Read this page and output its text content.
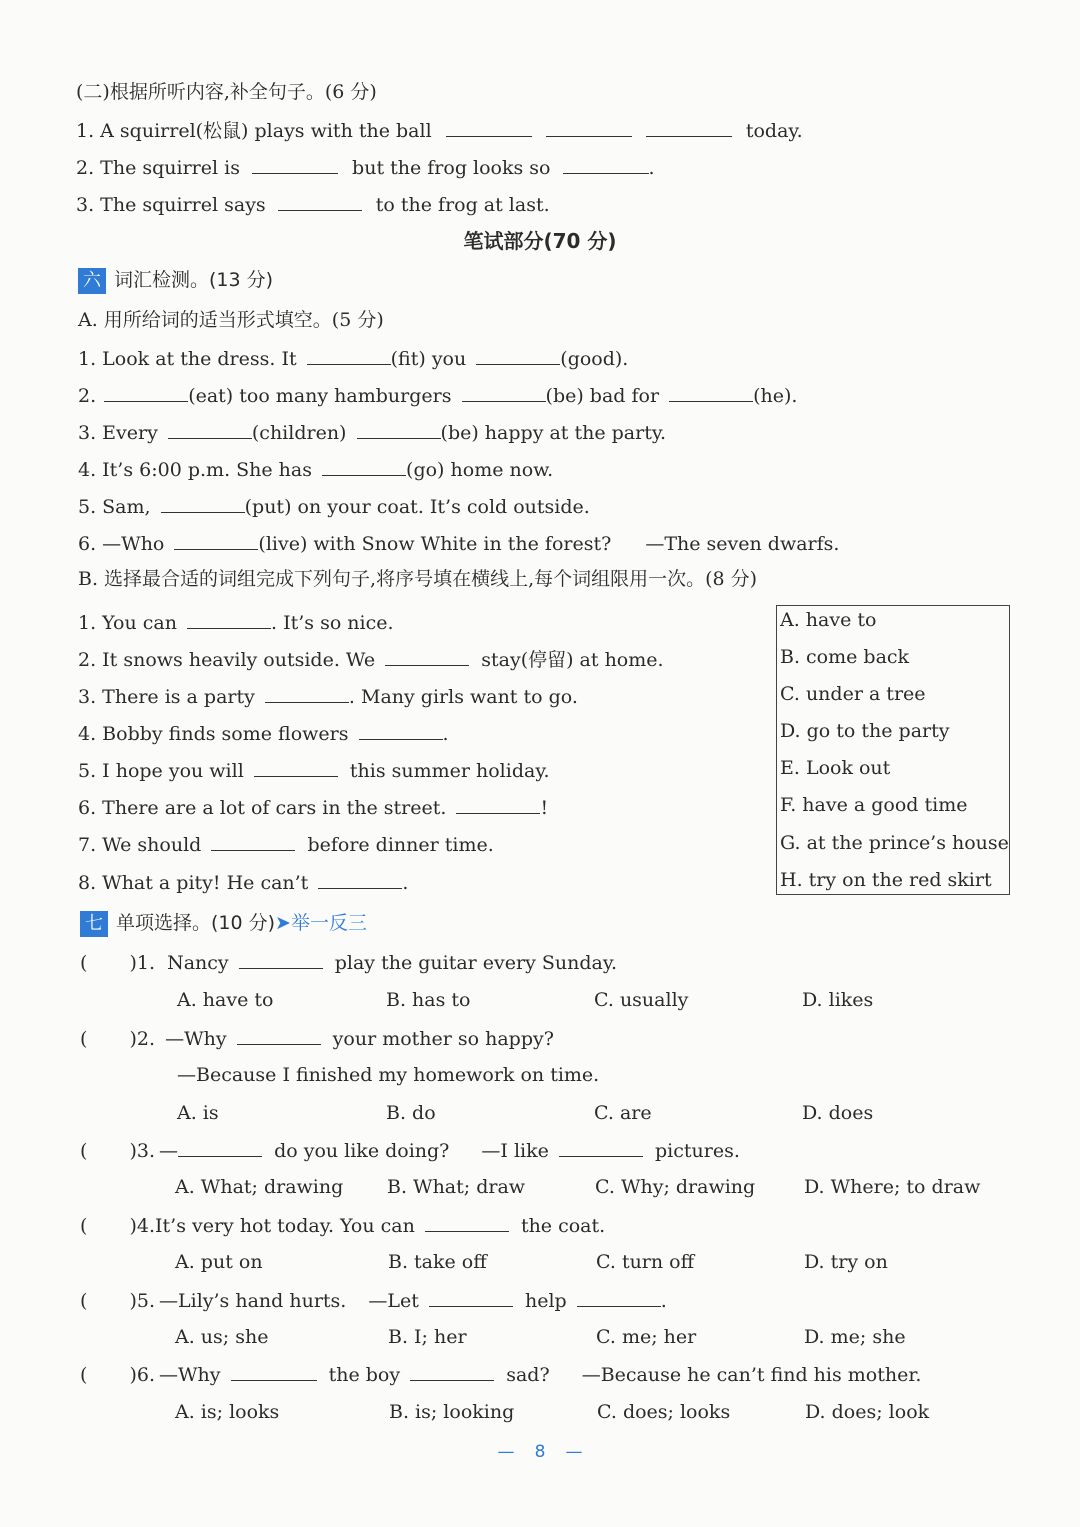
(二)根据所听内容,补全句子。(6 分)
1. A squirrel(松鼠) plays with the ball	today.
2. The squirrel is	but the frog looks so	.
3. The squirrel says	to the frog at last.
笔试部分(70 分)
六 词汇检测。(13 分)
A. 用所给词的适当形式填空。(5 分)
1. Look at the dress. It	(fit) you	(good).
2.	(eat) too many hamburgers	(be) bad for	(he).
3. Every	(children)	(be) happy at the party.
4. It’s 6:00 p.m. She has	(go) home now.
5. Sam,	(put) on your coat. It’s cold outside.
6. —Who	(live) with Snow White in the forest? —The seven dwarfs.
B. 选择最合适的词组完成下列句子,将序号填在横线上,每个词组限用一次。(8 分)
1. You can	. It’s so nice.
2. It snows heavily outside. We	stay(停留) at home.
3. There is a party	. Many girls want to go.
4. Bobby finds some flowers	.
5. I hope you will	this summer holiday.
6. There are a lot of cars in the street.	!
7. We should	before dinner time.
8. What a pity! He can’t	.
A. have to
B. come back
C. under a tree
D. go to the party
E. Look out
F. have a good time
G. at the prince’s house
H. try on the red skirt
七 单项选择。(10 分)➤举一反三
( )1. Nancy	play the guitar every Sunday.
A. have to	B. has to	C. usually	D. likes
( )2. —Why	your mother so happy?
—Because I finished my homework on time.
A. is	B. do	C. are	D. does
( )3. —	do you like doing? —I like	pictures.
A. What; drawing B. What; draw	C. Why; drawing	D. Where; to draw
( )4.It’s very hot today. You can	the coat.
A. put on	B. take off	C. turn off	D. try on
( )5. —Lily’s hand hurts. —Let	help	.
A. us; she	B. I; her	C. me; her	D. me; she
( )6. —Why	the boy	sad? —Because he can’t find his mother.
A. is; looks	B. is; looking	C. does; looks	D. does; look
— 8 —
